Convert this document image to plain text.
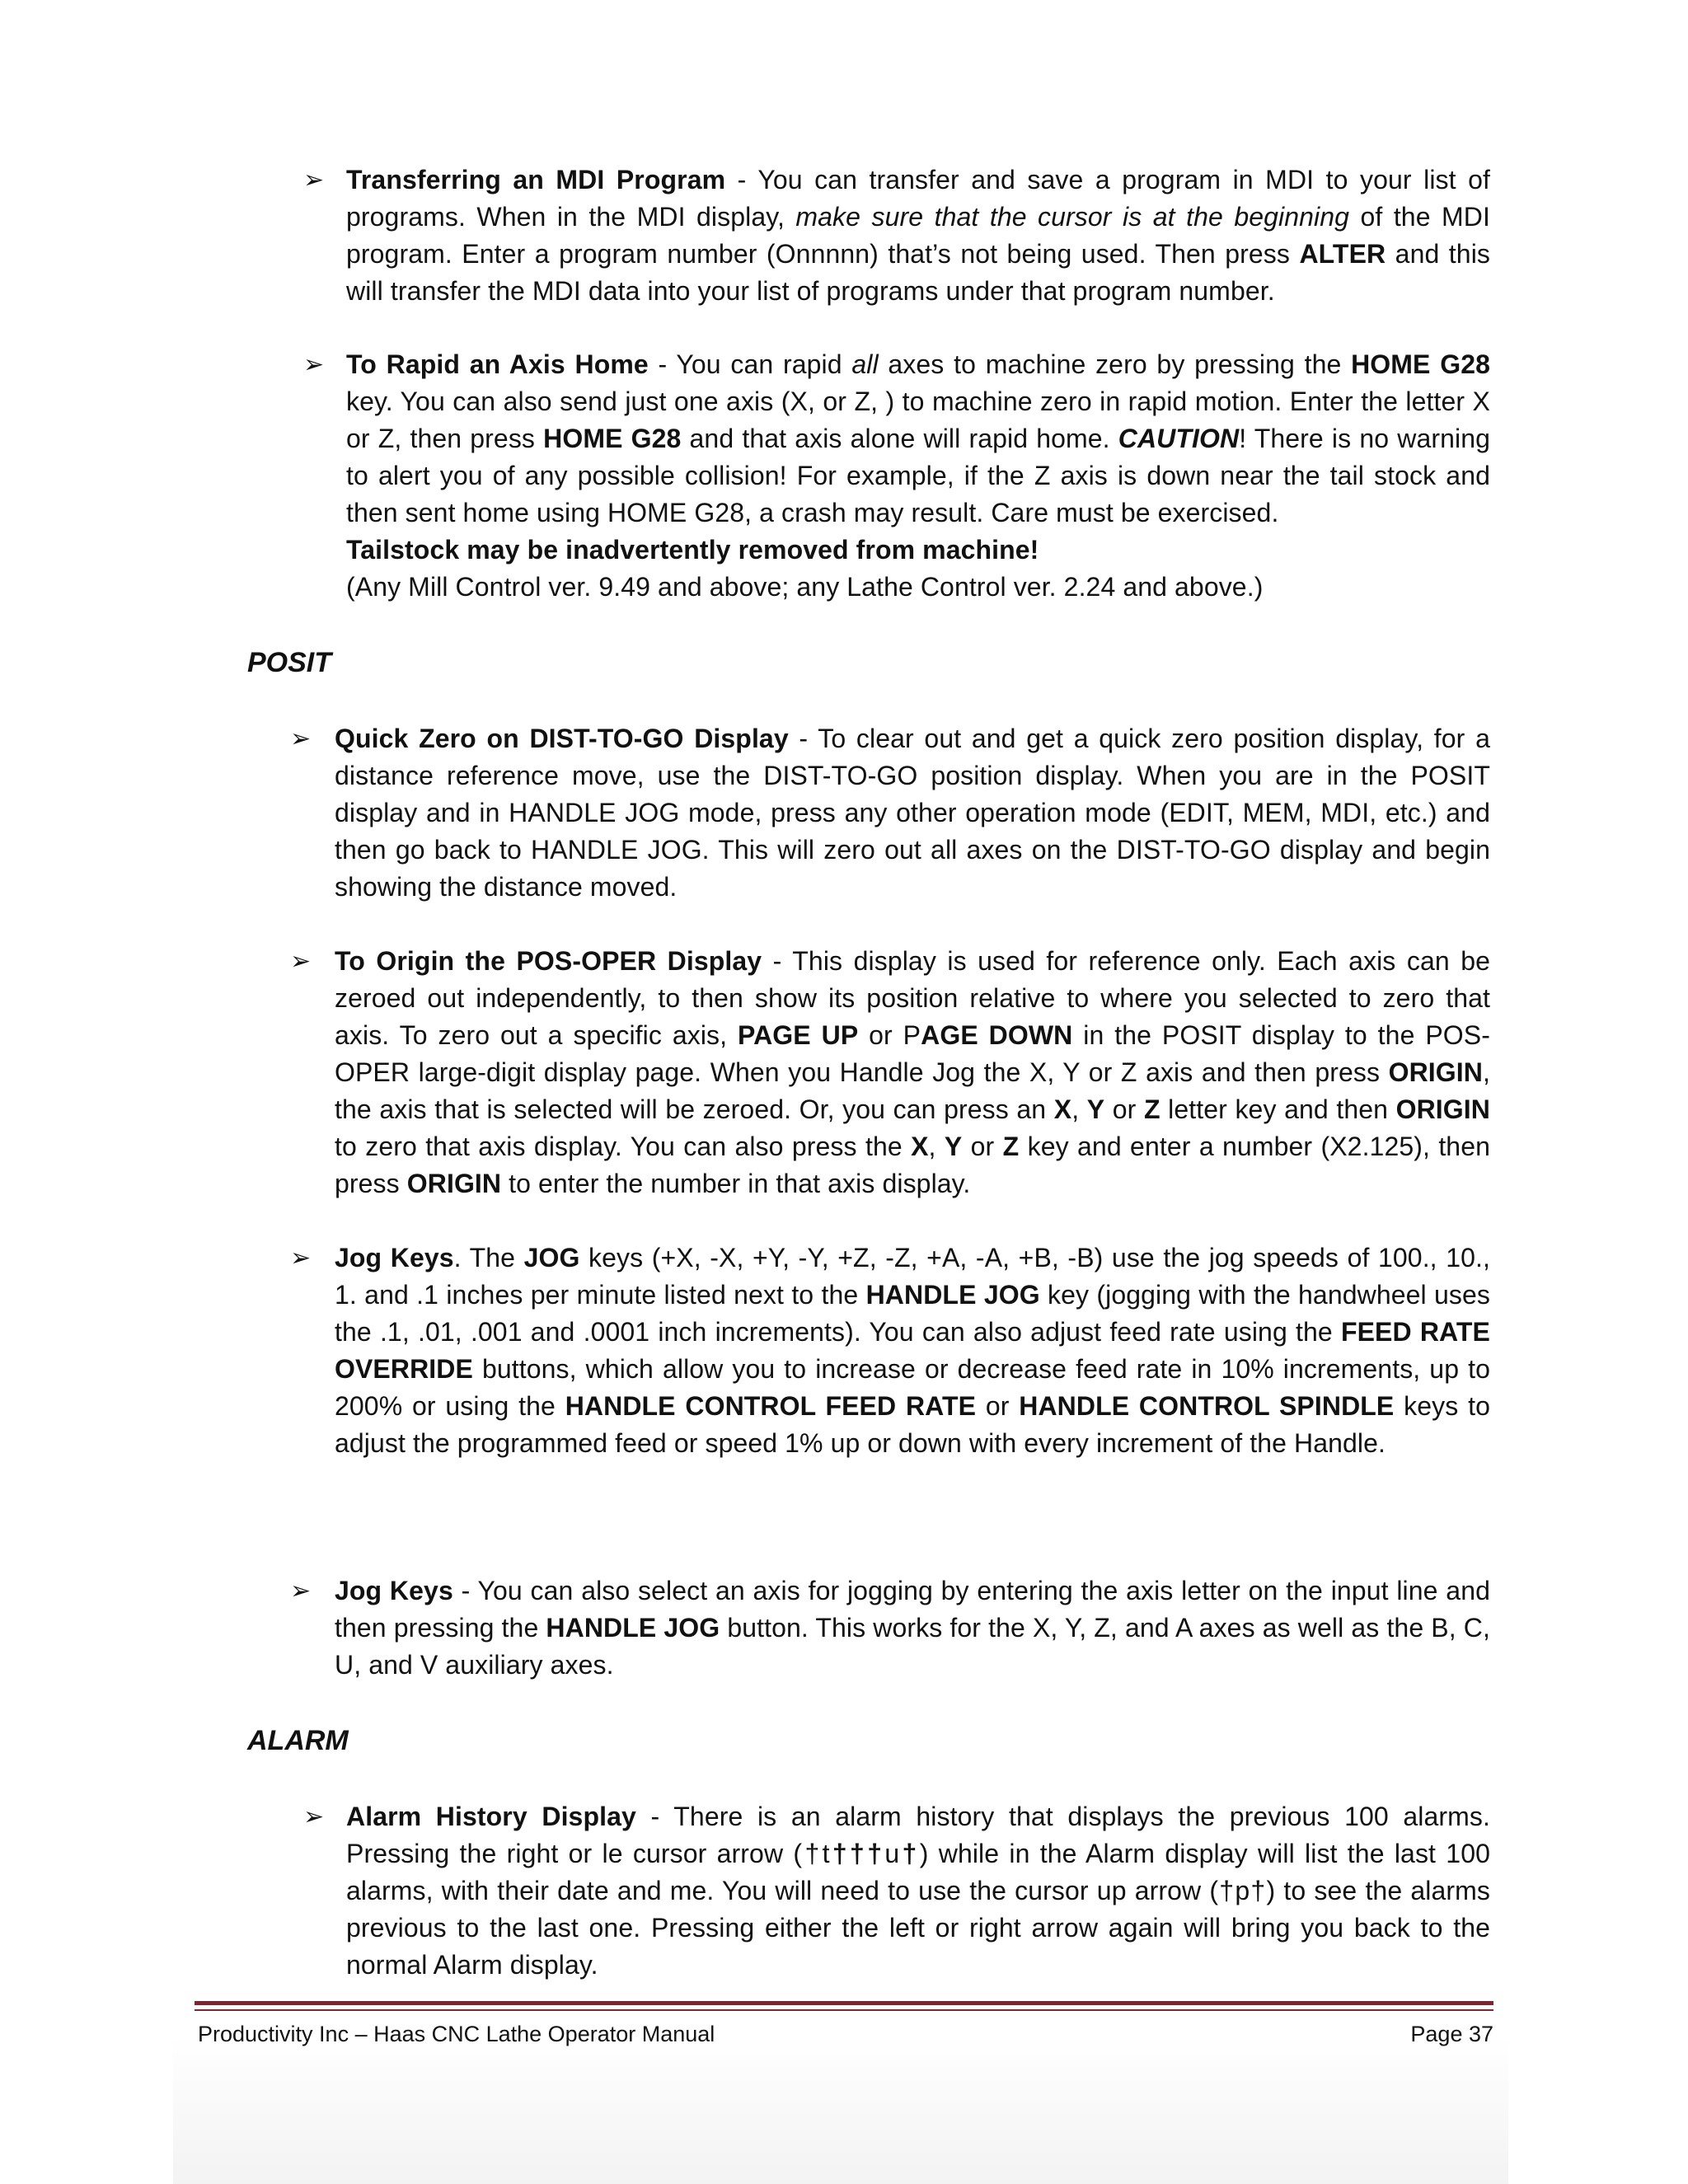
➢ Transferring an MDI Program - You can transfer and save a program in MDI to your list of programs. When in the MDI display, make sure that the cursor is at the beginning of the MDI program. Enter a program number (Onnnnn) that’s not being used. Then press ALTER and this will transfer the MDI data into your list of programs under that program number.
➢ To Rapid an Axis Home - You can rapid all axes to machine zero by pressing the HOME G28 key. You can also send just one axis (X, or Z, ) to machine zero in rapid motion. Enter the letter X or Z, then press HOME G28 and that axis alone will rapid home. CAUTION! There is no warning to alert you of any possible collision! For example, if the Z axis is down near the tail stock and then sent home using HOME G28, a crash may result. Care must be exercised.
Tailstock may be inadvertently removed from machine!
(Any Mill Control ver. 9.49 and above; any Lathe Control ver. 2.24 and above.)
POSIT
➢ Quick Zero on DIST-TO-GO Display - To clear out and get a quick zero position display, for a distance reference move, use the DIST-TO-GO position display. When you are in the POSIT display and in HANDLE JOG mode, press any other operation mode (EDIT, MEM, MDI, etc.) and then go back to HANDLE JOG. This will zero out all axes on the DIST-TO-GO display and begin showing the distance moved.
➢ To Origin the POS-OPER Display - This display is used for reference only. Each axis can be zeroed out independently, to then show its position relative to where you selected to zero that axis. To zero out a specific axis, PAGE UP or PAGE DOWN in the POSIT display to the POS-OPER large-digit display page. When you Handle Jog the X, Y or Z axis and then press ORIGIN, the axis that is selected will be zeroed. Or, you can press an X, Y or Z letter key and then ORIGIN to zero that axis display. You can also press the X, Y or Z key and enter a number (X2.125), then press ORIGIN to enter the number in that axis display.
➢ Jog Keys. The JOG keys (+X, -X, +Y, -Y, +Z, -Z, +A, -A, +B, -B) use the jog speeds of 100., 10., 1. and .1 inches per minute listed next to the HANDLE JOG key (jogging with the handwheel uses the .1, .01, .001 and .0001 inch increments). You can also adjust feed rate using the FEED RATE OVERRIDE buttons, which allow you to increase or decrease feed rate in 10% increments, up to 200% or using the HANDLE CONTROL FEED RATE or HANDLE CONTROL SPINDLE keys to adjust the programmed feed or speed 1% up or down with every increment of the Handle.
➢ Jog Keys - You can also select an axis for jogging by entering the axis letter on the input line and then pressing the HANDLE JOG button. This works for the X, Y, Z, and A axes as well as the B, C, U, and V auxiliary axes.
ALARM
➢ Alarm History Display - There is an alarm history that displays the previous 100 alarms. Pressing the right or le cursor arrow (†t†††u†) while in the Alarm display will list the last 100 alarms, with their date and me. You will need to use the cursor up arrow (†p†) to see the alarms previous to the last one. Pressing either the left or right arrow again will bring you back to the normal Alarm display.
Productivity Inc – Haas CNC Lathe Operator Manual	Page 37
